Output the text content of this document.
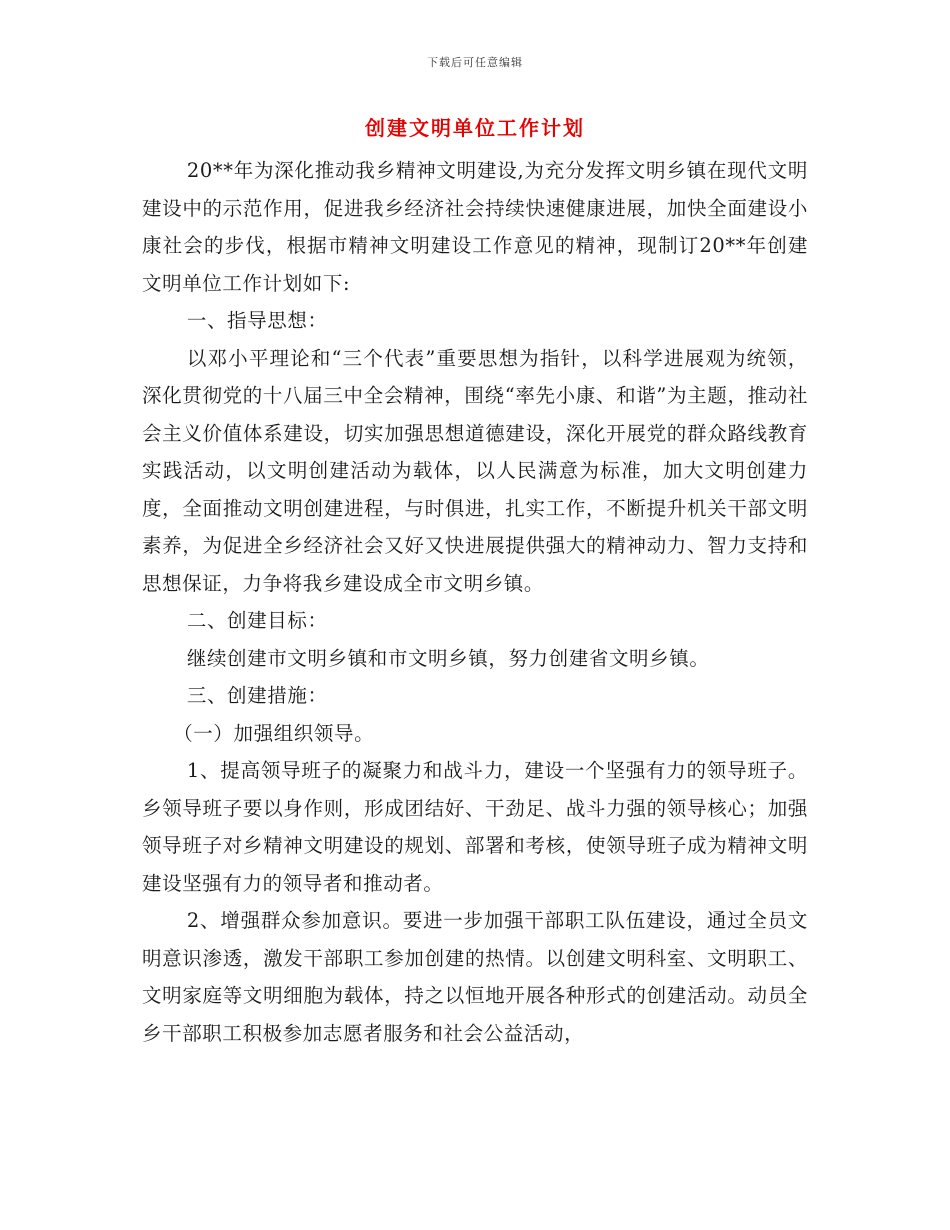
下载后可任意编辑
创建文明单位工作计划

20**年为深化推动我乡精神文明建设,为充分发挥文明乡镇在现代文明建设中的示范作用，促进我乡经济社会持续快速健康进展，加快全面建设小康社会的步伐，根据市精神文明建设工作意见的精神，现制订20**年创建文明单位工作计划如下:

一、指导思想：

以邓小平理论和“三个代表”重要思想为指针，以科学进展观为统领，深化贯彻党的十八届三中全会精神，围绕“率先小康、和谐”为主题，推动社会主义价值体系建设，切实加强思想道德建设，深化开展党的群众路线教育实践活动，以文明创建活动为载体，以人民满意为标准，加大文明创建力度，全面推动文明创建进程，与时俱进，扎实工作，不断提升机关干部文明素养，为促进全乡经济社会又好又快进展提供强大的精神动力、智力支持和思想保证，力争将我乡建设成全市文明乡镇。

二、创建目标：

继续创建市文明乡镇和市文明乡镇，努力创建省文明乡镇。

三、创建措施：

（一）加强组织领导。

1、提高领导班子的凝聚力和战斗力，建设一个坚强有力的领导班子。乡领导班子要以身作则，形成团结好、干劲足、战斗力强的领导核心；加强领导班子对乡精神文明建设的规划、部署和考核，使领导班子成为精神文明建设坚强有力的领导者和推动者。

2、增强群众参加意识。要进一步加强干部职工队伍建设，通过全员文明意识渗透，激发干部职工参加创建的热情。以创建文明科室、文明职工、文明家庭等文明细胞为载体，持之以恒地开展各种形式的创建活动。动员全乡干部职工积极参加志愿者服务和社会公益活动，
